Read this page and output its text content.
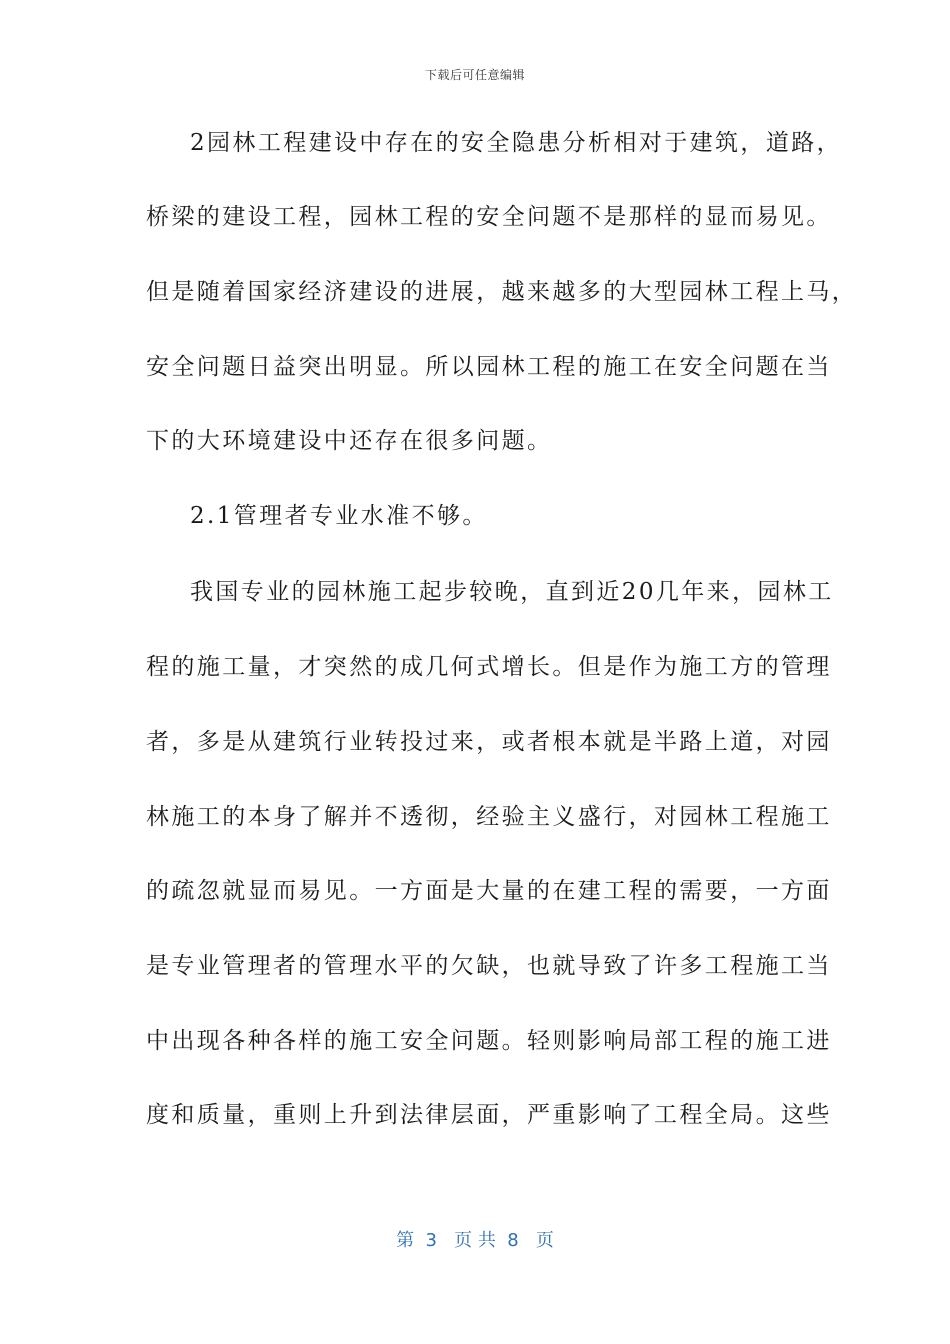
下载后可任意编辑
2园林工程建设中存在的安全隐患分析相对于建筑，道路，
桥梁的建设工程，园林工程的安全问题不是那样的显而易见。
但是随着国家经济建设的进展，越来越多的大型园林工程上马，
安全问题日益突出明显。所以园林工程的施工在安全问题在当
下的大环境建设中还存在很多问题。
2.1管理者专业水准不够。
我国专业的园林施工起步较晚，直到近20几年来，园林工
程的施工量，才突然的成几何式增长。但是作为施工方的管理
者，多是从建筑行业转投过来，或者根本就是半路上道，对园
林施工的本身了解并不透彻，经验主义盛行，对园林工程施工
的疏忽就显而易见。一方面是大量的在建工程的需要，一方面
是专业管理者的管理水平的欠缺，也就导致了许多工程施工当
中出现各种各样的施工安全问题。轻则影响局部工程的施工进
度和质量，重则上升到法律层面，严重影响了工程全局。这些
第  3   页 共  8   页
